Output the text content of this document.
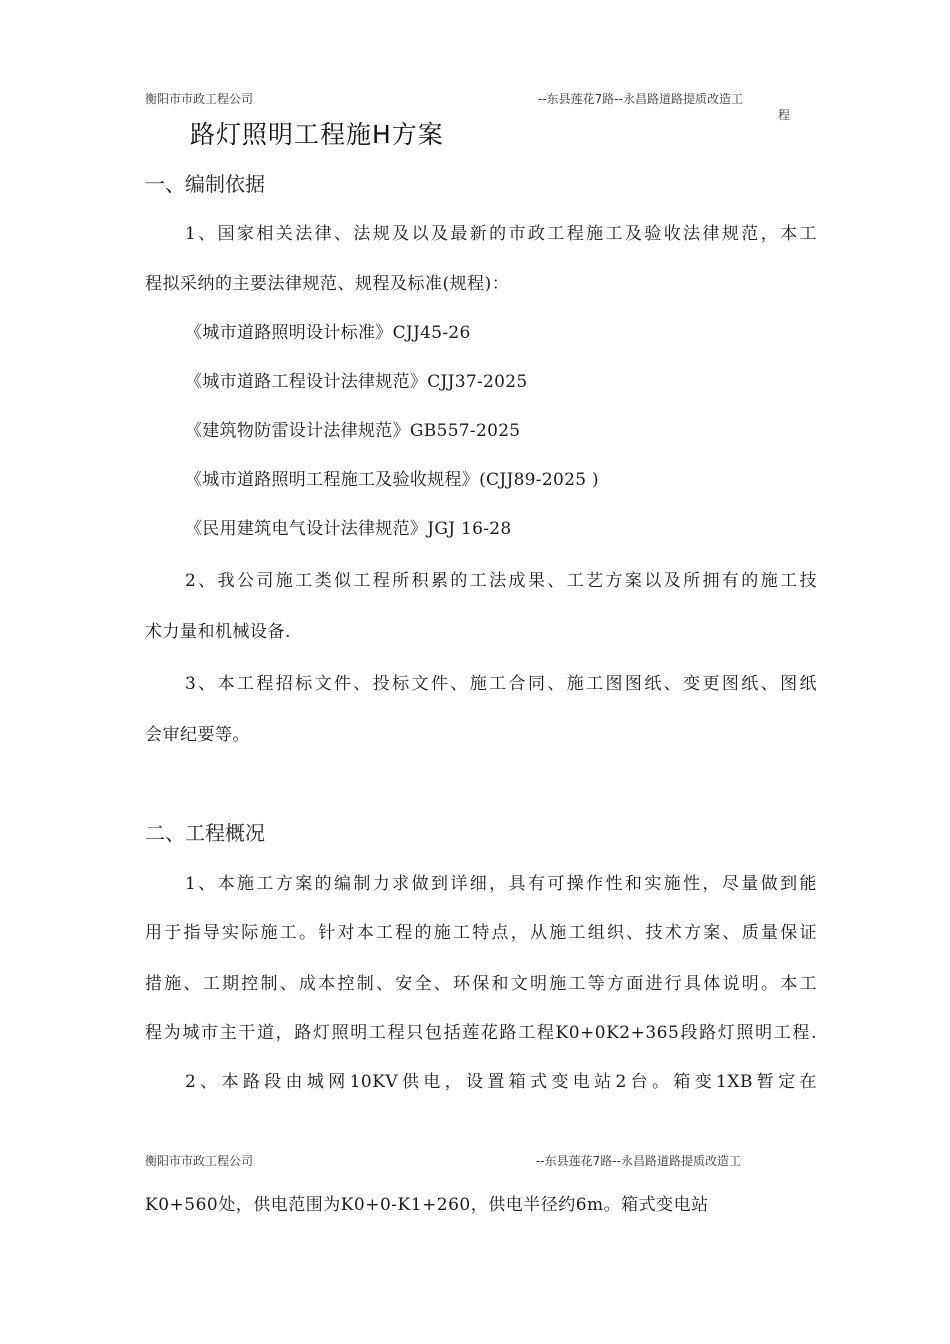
衡阳市市政工程公司	--东县莲花7路--永昌路道路提质改造工
程
路灯照明工程施H方案
一、编制依据
1、国家相关法律、法规及以及最新的市政工程施工及验收法律规范，本工
程拟采纳的主要法律规范、规程及标准(规程)：
《城市道路照明设计标准》CJJ45-26
《城市道路工程设计法律规范》CJJ37-2025
《建筑物防雷设计法律规范》GB557-2025
《城市道路照明工程施工及验收规程》(CJJ89-2025 )
《民用建筑电气设计法律规范》JGJ 16-28
2、我公司施工类似工程所积累的工法成果、工艺方案以及所拥有的施工技
术力量和机械设备.
3、本工程招标文件、投标文件、施工合同、施工图图纸、变更图纸、图纸
会审纪要等。
二、工程概况
1、本施工方案的编制力求做到详细，具有可操作性和实施性，尽量做到能
用于指导实际施工。针对本工程的施工特点，从施工组织、技术方案、质量保证
措施、工期控制、成本控制、安全、环保和文明施工等方面进行具体说明。本工
程为城市主干道，路灯照明工程只包括莲花路工程K0+0K2+365段路灯照明工程.
2、本路段由城网10KV供电，设置箱式变电站2台。箱变1XB暂定在
衡阳市市政工程公司	--东县莲花7路--永昌路道路提质改造工
K0+560处，供电范围为K0+0-K1+260，供电半径约6m。箱式变电站
